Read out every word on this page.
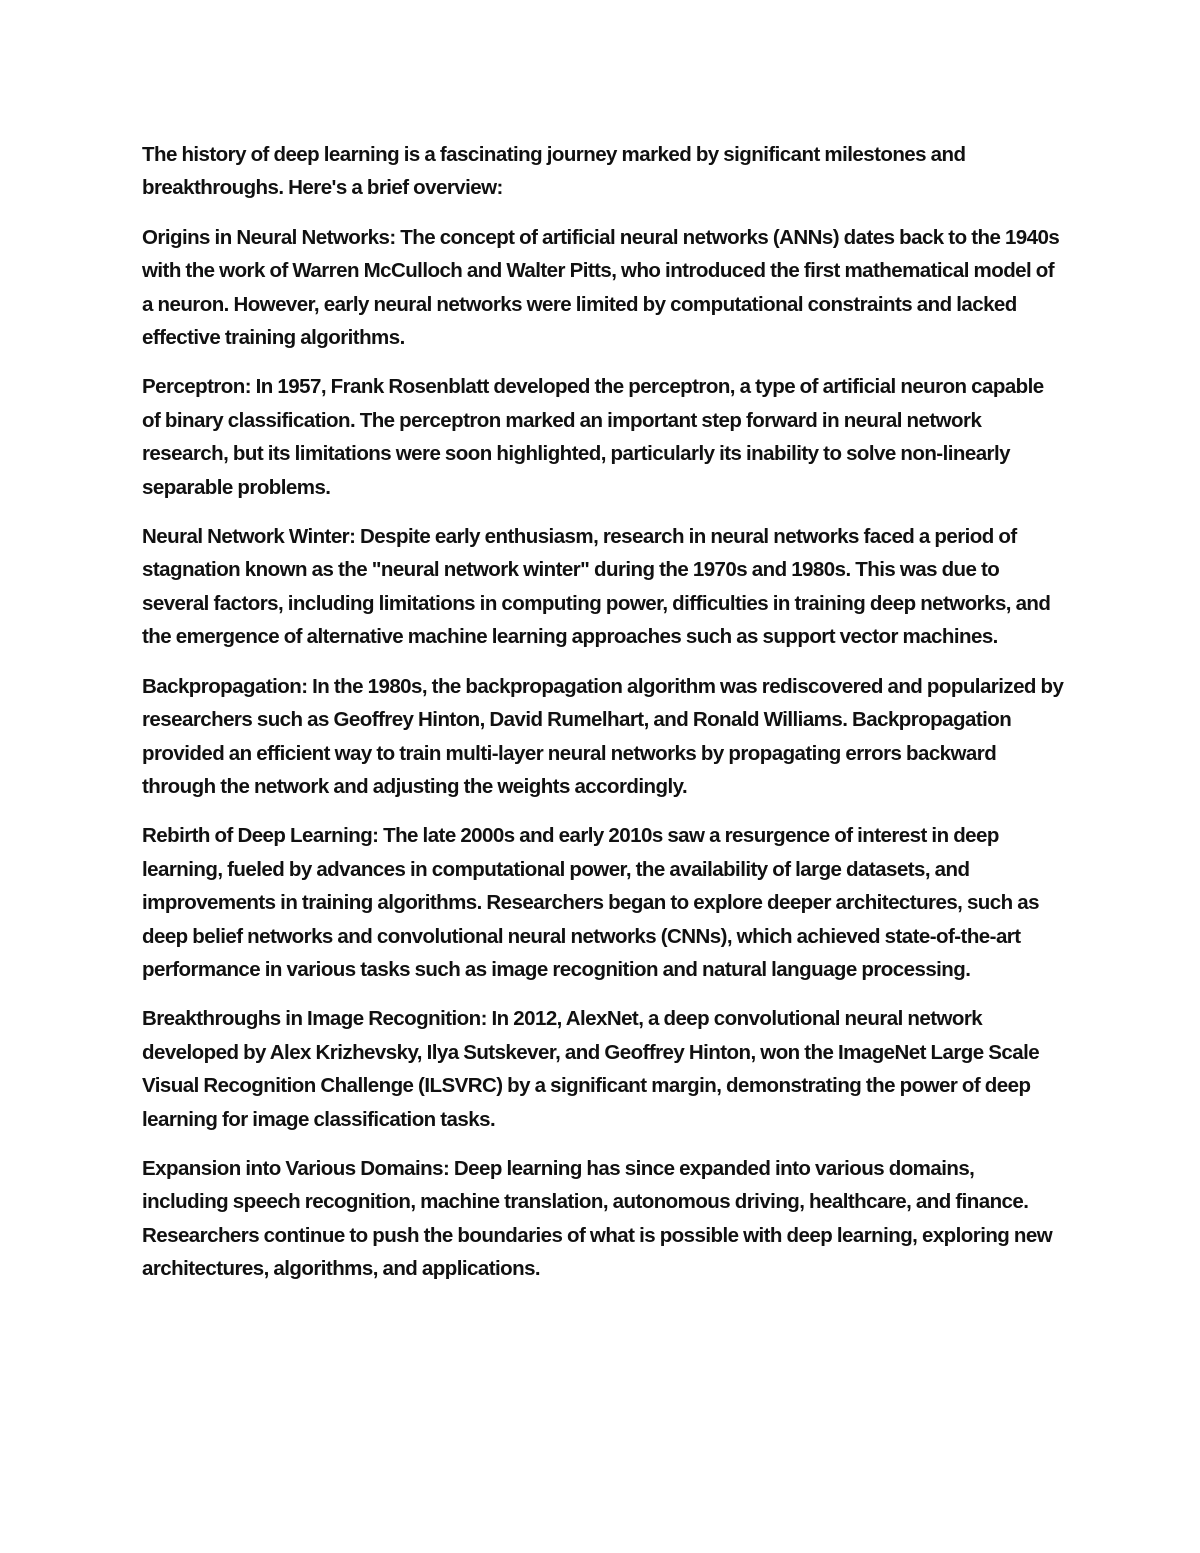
The history of deep learning is a fascinating journey marked by significant milestones and breakthroughs. Here's a brief overview:

Origins in Neural Networks: The concept of artificial neural networks (ANNs) dates back to the 1940s with the work of Warren McCulloch and Walter Pitts, who introduced the first mathematical model of a neuron. However, early neural networks were limited by computational constraints and lacked effective training algorithms.

Perceptron: In 1957, Frank Rosenblatt developed the perceptron, a type of artificial neuron capable of binary classification. The perceptron marked an important step forward in neural network research, but its limitations were soon highlighted, particularly its inability to solve non-linearly separable problems.

Neural Network Winter: Despite early enthusiasm, research in neural networks faced a period of stagnation known as the "neural network winter" during the 1970s and 1980s. This was due to several factors, including limitations in computing power, difficulties in training deep networks, and the emergence of alternative machine learning approaches such as support vector machines.

Backpropagation: In the 1980s, the backpropagation algorithm was rediscovered and popularized by researchers such as Geoffrey Hinton, David Rumelhart, and Ronald Williams. Backpropagation provided an efficient way to train multi-layer neural networks by propagating errors backward through the network and adjusting the weights accordingly.

Rebirth of Deep Learning: The late 2000s and early 2010s saw a resurgence of interest in deep learning, fueled by advances in computational power, the availability of large datasets, and improvements in training algorithms. Researchers began to explore deeper architectures, such as deep belief networks and convolutional neural networks (CNNs), which achieved state-of-the-art performance in various tasks such as image recognition and natural language processing.

Breakthroughs in Image Recognition: In 2012, AlexNet, a deep convolutional neural network developed by Alex Krizhevsky, Ilya Sutskever, and Geoffrey Hinton, won the ImageNet Large Scale Visual Recognition Challenge (ILSVRC) by a significant margin, demonstrating the power of deep learning for image classification tasks.

Expansion into Various Domains: Deep learning has since expanded into various domains, including speech recognition, machine translation, autonomous driving, healthcare, and finance. Researchers continue to push the boundaries of what is possible with deep learning, exploring new architectures, algorithms, and applications.
